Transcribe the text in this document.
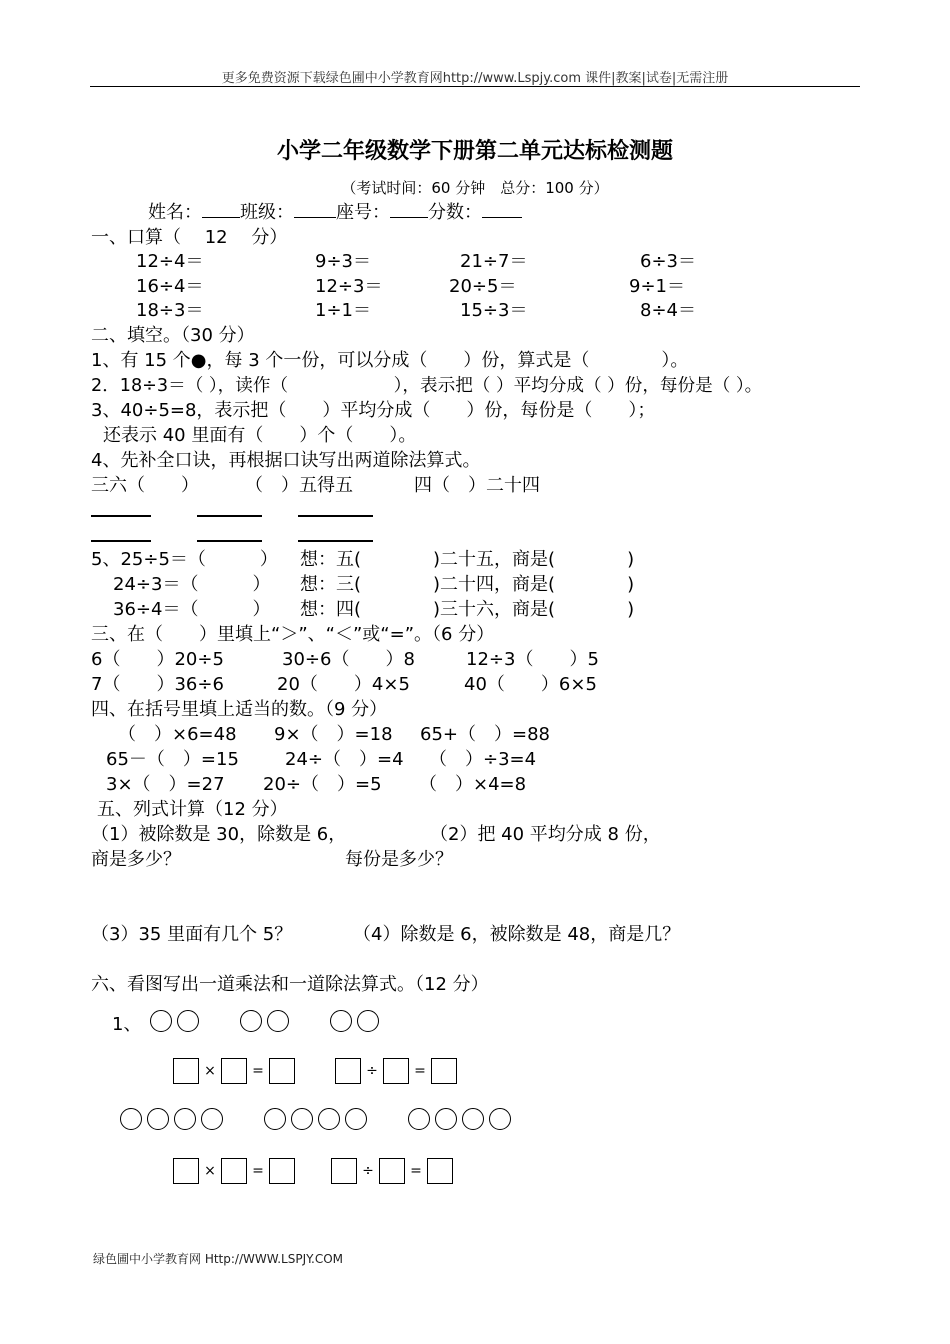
更多免费资源下载绿色圃中小学教育网http://www.Lspjy.com 课件|教案|试卷|无需注册
小学二年级数学下册第二单元达标检测题
（考试时间：60 分钟　总分：100 分）
姓名： 班级： 座号： 分数：
一、口算（　 12　 分）
12÷4＝	9÷3＝	21÷7＝	6÷3＝
16÷4＝	12÷3＝	20÷5＝	9÷1＝
18÷3＝	1÷1＝	15÷3＝	8÷4＝
二、填空。（30 分）
1、有 15 个●，每 3 个一份，可以分成（　　）份，算式是（　　　　）。
2．18÷3＝（ ），读作（　　　　　　），表示把（ ）平均分成（ ）份，每份是（ ）。
3、40÷5=8，表示把（　　）平均分成（　　）份，每份是（　　）；
还表示 40 里面有（　　）个（　　）。
4、先补全口诀，再根据口诀写出两道除法算式。
三六（　　）	（　）五得五	四（　）二十四
5、25÷5＝（　　　） 想：五(　　　　)二十五，商是(　　　　)
24÷3＝（　　　） 想：三(　　　　)二十四，商是(　　　　)
36÷4＝（　　　） 想：四(　　　　)三十六，商是(　　　　)
三、在（　　）里填上“＞”、“＜”或“=”。（6 分）
6（　　）20÷5	30÷6（　　）8	12÷3（　　）5
7（　　）36÷6	20（　　）4×5	40（　　）6×5
四、在括号里填上适当的数。（9 分）
（　）×6=48 9×（　）=18 65+（　）=88
65－（　）=15	24÷（　）=4 （　）÷3=4
3×（　）=27 20÷（　）=5 （　）×4=8
五、列式计算（12 分）
（1）被除数是 30，除数是 6，	（2）把 40 平均分成 8 份，
商是多少？	每份是多少？
（3）35 里面有几个 5？	（4）除数是 6，被除数是 48，商是几？
六、看图写出一道乘法和一道除法算式。（12 分）
1、
×	=	÷	=
×	=	÷	=
绿色圃中小学教育网 Http://WWW.LSPJY.COM
